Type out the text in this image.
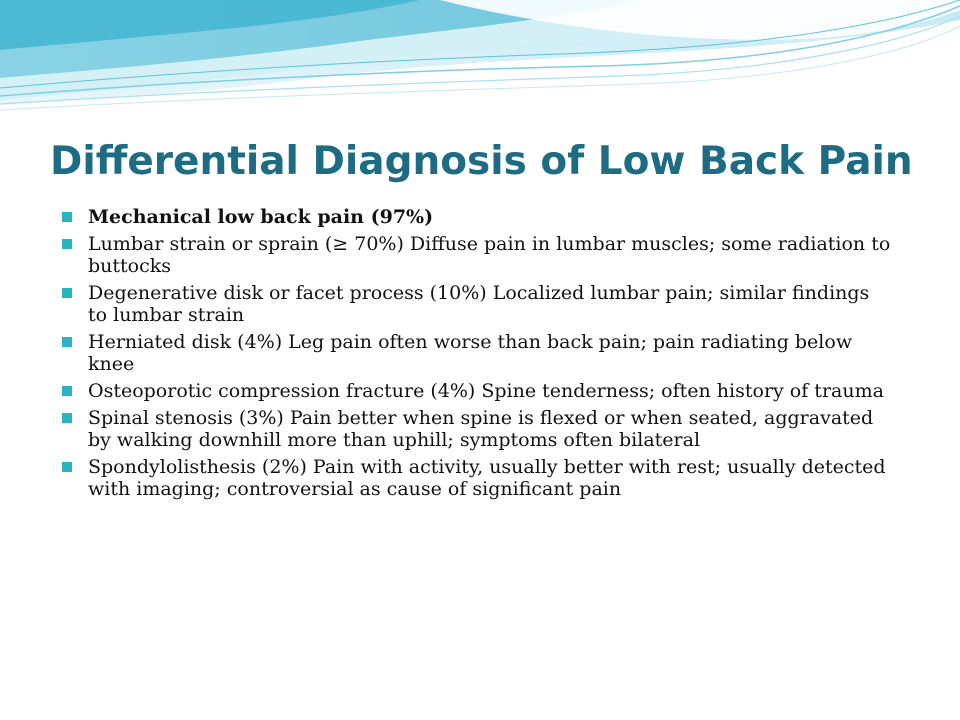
Differential Diagnosis of Low Back Pain
Mechanical low back pain (97%)
Lumbar strain or sprain (≥ 70%) Diffuse pain in lumbar muscles; some radiation to buttocks
Degenerative disk or facet process (10%) Localized lumbar pain; similar findings to lumbar strain
Herniated disk (4%) Leg pain often worse than back pain; pain radiating below knee
Osteoporotic compression fracture (4%) Spine tenderness; often history of trauma
Spinal stenosis (3%) Pain better when spine is flexed or when seated, aggravated by walking downhill more than uphill; symptoms often bilateral
Spondylolisthesis (2%) Pain with activity, usually better with rest; usually detected with imaging; controversial as cause of significant pain
